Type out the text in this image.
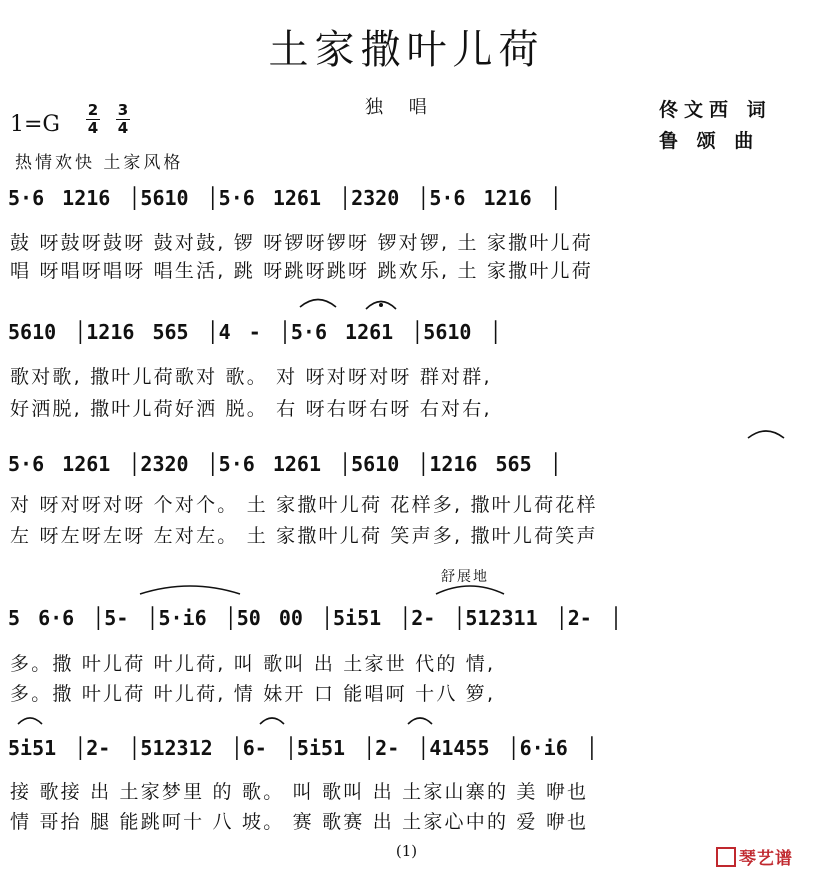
土家撒叶儿荷
1=G
2
4
3
4
独 唱	佟文西 词
鲁 颂 曲
热情欢快 土家风格
5·6 1216 │5610 │5·6 1261 │2320 │5·6 1216 │
鼓 呀鼓呀鼓呀 鼓对鼓, 锣 呀锣呀锣呀 锣对锣, 土 家撒叶儿荷
唱 呀唱呀唱呀 唱生活, 跳 呀跳呀跳呀 跳欢乐, 土 家撒叶儿荷
5610 │1216 565 │4 - │5·6 1261 │5610 │
歌对歌, 撒叶儿荷歌对 歌。 对 呀对呀对呀 群对群,
好洒脱, 撒叶儿荷好洒 脱。 右 呀右呀右呀 右对右,
5·6 1261 │2320 │5·6 1261 │5610 │1216 565 │
对 呀对呀对呀 个对个。 土 家撒叶儿荷 花样多, 撒叶儿荷花样
左 呀左呀左呀 左对左。 土 家撒叶儿荷 笑声多, 撒叶儿荷笑声
舒展地
5 6·6 │5- │5·i6 │50 00 │5i51 │2- │512311 │2- │
多。撒 叶儿荷 叶儿荷, 叫 歌叫 出 土家世 代的 情,
多。撒 叶儿荷 叶儿荷, 情 妹开 口 能唱呵 十八 箩,
5i51 │2- │512312 │6- │5i51 │2- │41455 │6·i6 │
接 歌接 出 土家梦里 的 歌。 叫 歌叫 出 土家山寨的 美 咿也
情 哥抬 腿 能跳呵十 八 坡。 赛 歌赛 出 土家心中的 爱 咿也
(1)	琴艺谱
